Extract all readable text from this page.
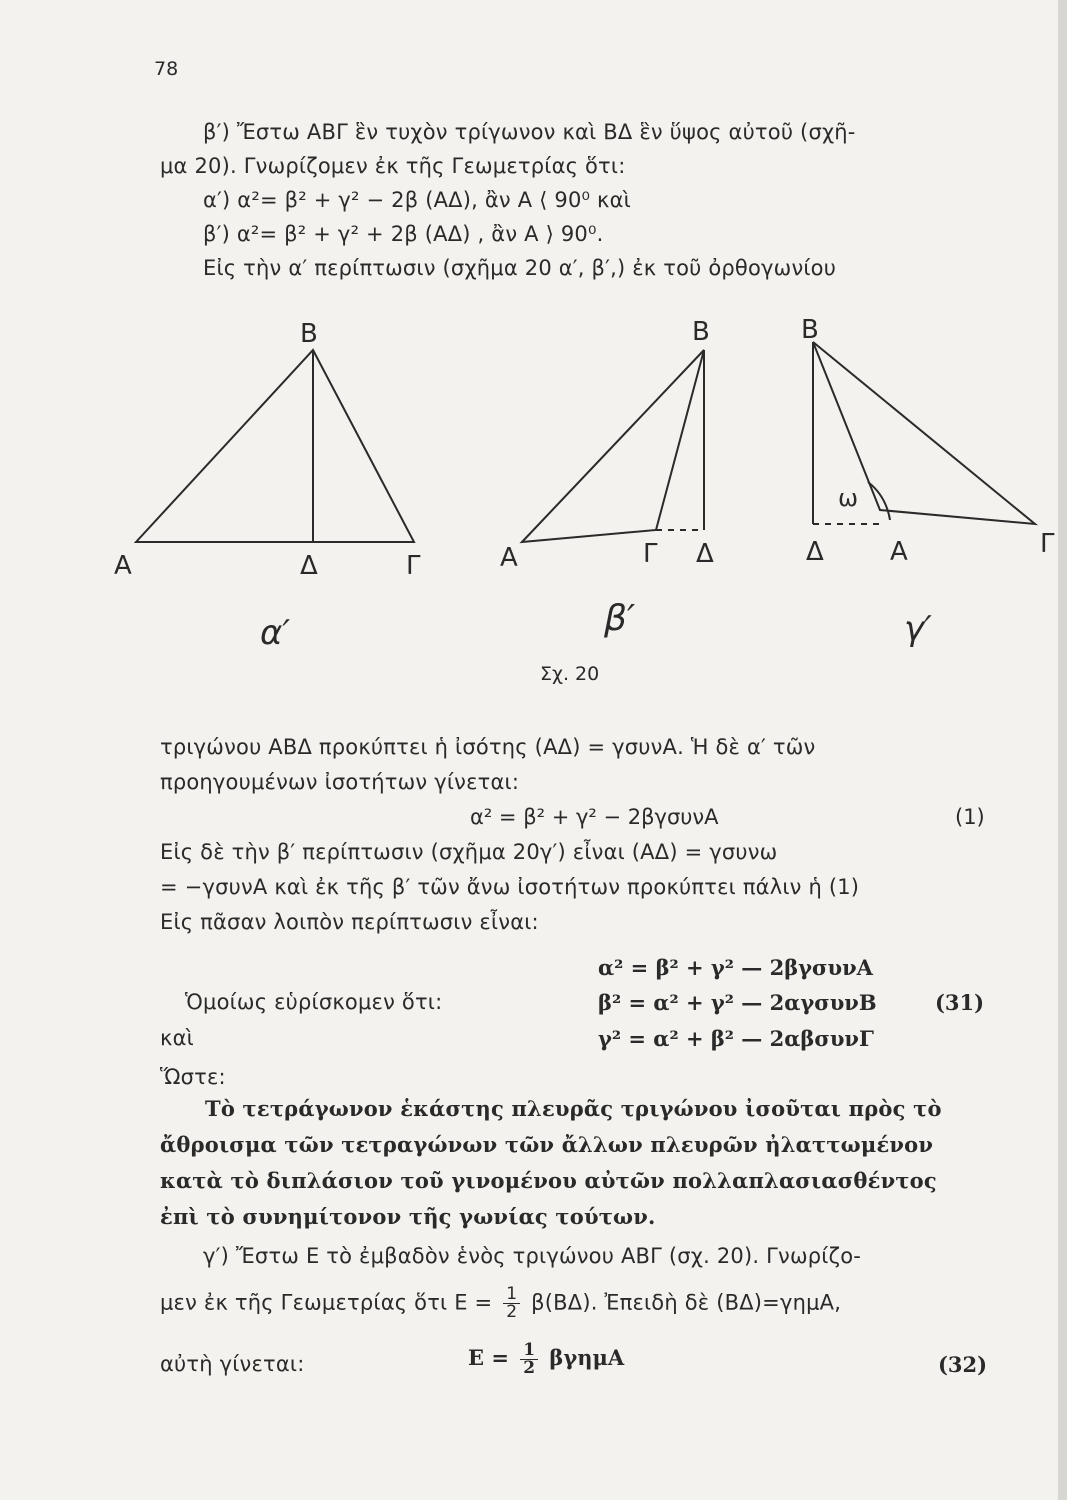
78
β′) Ἔστω ΑΒΓ ἓν τυχὸν τρίγωνον καὶ ΒΔ ἓν ὕψος αὐτοῦ (σχῆ-
μα 20). Γνωρίζομεν ἐκ τῆς Γεωμετρίας ὅτι:
α′) α²= β² + γ² − 2β (ΑΔ), ἂν Α ⟨ 90⁰ καὶ
β′) α²= β² + γ² + 2β (ΑΔ) , ἂν Α ⟩ 90⁰.
Εἰς τὴν α′ περίπτωσιν (σχῆμα 20 α′, β′,) ἐκ τοῦ ὀρθογωνίου
Β
Α	Δ	Γ
Β
Α	Γ Δ
Β
Δ	Α	Γ
ω
α′	β′	γ′
Σχ. 20
τριγώνου ΑΒΔ προκύπτει ἡ ἰσότης (ΑΔ) = γσυνΑ. Ἡ δὲ α′ τῶν
προηγουμένων ἰσοτήτων γίνεται:
α² = β² + γ² − 2βγσυνΑ	(1)
Εἰς δὲ τὴν β′ περίπτωσιν (σχῆμα 20γ′) εἶναι (ΑΔ) = γσυνω
= −γσυνΑ καὶ ἐκ τῆς β′ τῶν ἄνω ἰσοτήτων προκύπτει πάλιν ἡ (1)
Εἰς πᾶσαν λοιπὸν περίπτωσιν εἶναι:
α² = β² + γ² — 2βγσυνΑ
Ὁμοίως εὑρίσκομεν ὅτι:	β² = α² + γ² — 2αγσυνΒ	(31)
καὶ	γ² = α² + β² — 2αβσυνΓ
Ὥστε:
Τὸ τετράγωνον ἑκάστης πλευρᾶς τριγώνου ἰσοῦται πρὸς τὸ
ἄθροισμα τῶν τετραγώνων τῶν ἄλλων πλευρῶν ἠλαττωμένον
κατὰ τὸ διπλάσιον τοῦ γινομένου αὐτῶν πολλαπλασιασθέντος
ἐπὶ τὸ συνημίτονον τῆς γωνίας τούτων.
γ′) Ἔστω Ε τὸ ἐμβαδὸν ἑνὸς τριγώνου ΑΒΓ (σχ. 20). Γνωρίζο-
μεν ἐκ τῆς Γεωμετρίας ὅτι $E = \frac{1}{2} \beta(B\Delta)$. Ἐπειδὴ δὲ (ΒΔ)=γημΑ,
αὐτὴ γίνεται:	$E = \frac{1}{2}$ βγημΑ	(32)
